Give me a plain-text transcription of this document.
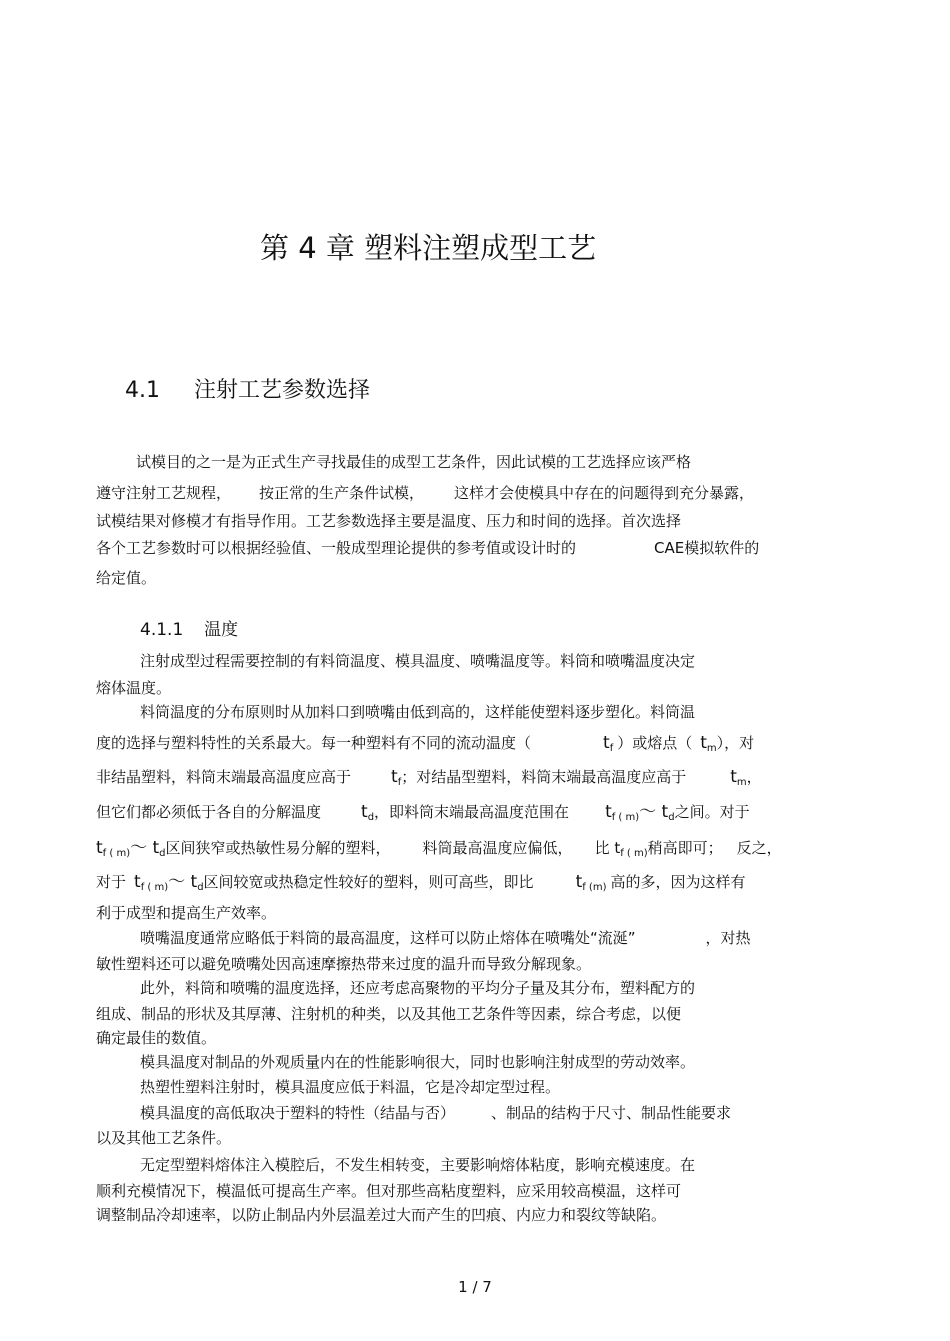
第 4 章 塑料注塑成型工艺
4.1 注射工艺参数选择
试模目的之一是为正式生产寻找最佳的成型工艺条件，因此试模的工艺选择应该严格
遵守注射工艺规程， 按正常的生产条件试模， 这样才会使模具中存在的问题得到充分暴露，
试模结果对修模才有指导作用。工艺参数选择主要是温度、压力和时间的选择。首次选择
各个工艺参数时可以根据经验值、一般成型理论提供的参考值或设计时的	CAE模拟软件的
给定值。
4.1.1 温度
注射成型过程需要控制的有料筒温度、模具温度、喷嘴温度等。料筒和喷嘴温度决定
熔体温度。
料筒温度的分布原则时从加料口到喷嘴由低到高的，这样能使塑料逐步塑化。料筒温
度的选择与塑料特性的关系最大。每一种塑料有不同的流动温度（	$t_f$ ）或熔点（ $t_m$），对
非结晶塑料，料筒末端最高温度应高于 $t_f$；对结晶型塑料，料筒末端最高温度应高于	$t_m$，
但它们都必须低于各自的分解温度 $t_d$，即料筒末端最高温度范围在 $t_{f ( m)}\sim$ $t_d$之间。对于
$t_{f ( m)}\sim$ $t_d$区间狭窄或热敏性易分解的塑料， 料筒最高温度应偏低， 比 $t_{f ( m)}$稍高即可； 反之，
对于 $t_{f ( m)}\sim$ $t_d$区间较宽或热稳定性较好的塑料，则可高些，即比 $t_{f (m)}$ 高的多，因为这样有
利于成型和提高生产效率。
喷嘴温度通常应略低于料筒的最高温度，这样可以防止熔体在喷嘴处“流涎”	，对热
敏性塑料还可以避免喷嘴处因高速摩擦热带来过度的温升而导致分解现象。
此外，料筒和喷嘴的温度选择，还应考虑高聚物的平均分子量及其分布，塑料配方的
组成、制品的形状及其厚薄、注射机的种类，以及其他工艺条件等因素，综合考虑，以便
确定最佳的数值。
模具温度对制品的外观质量内在的性能影响很大，同时也影响注射成型的劳动效率。
热塑性塑料注射时，模具温度应低于料温，它是冷却定型过程。
模具温度的高低取决于塑料的特性（结晶与否） 、制品的结构于尺寸、制品性能要求
以及其他工艺条件。
无定型塑料熔体注入模腔后，不发生相转变，主要影响熔体粘度，影响充模速度。在
顺利充模情况下，模温低可提高生产率。但对那些高粘度塑料，应采用较高模温，这样可
调整制品冷却速率，以防止制品内外层温差过大而产生的凹痕、内应力和裂纹等缺陷。
1 / 7
